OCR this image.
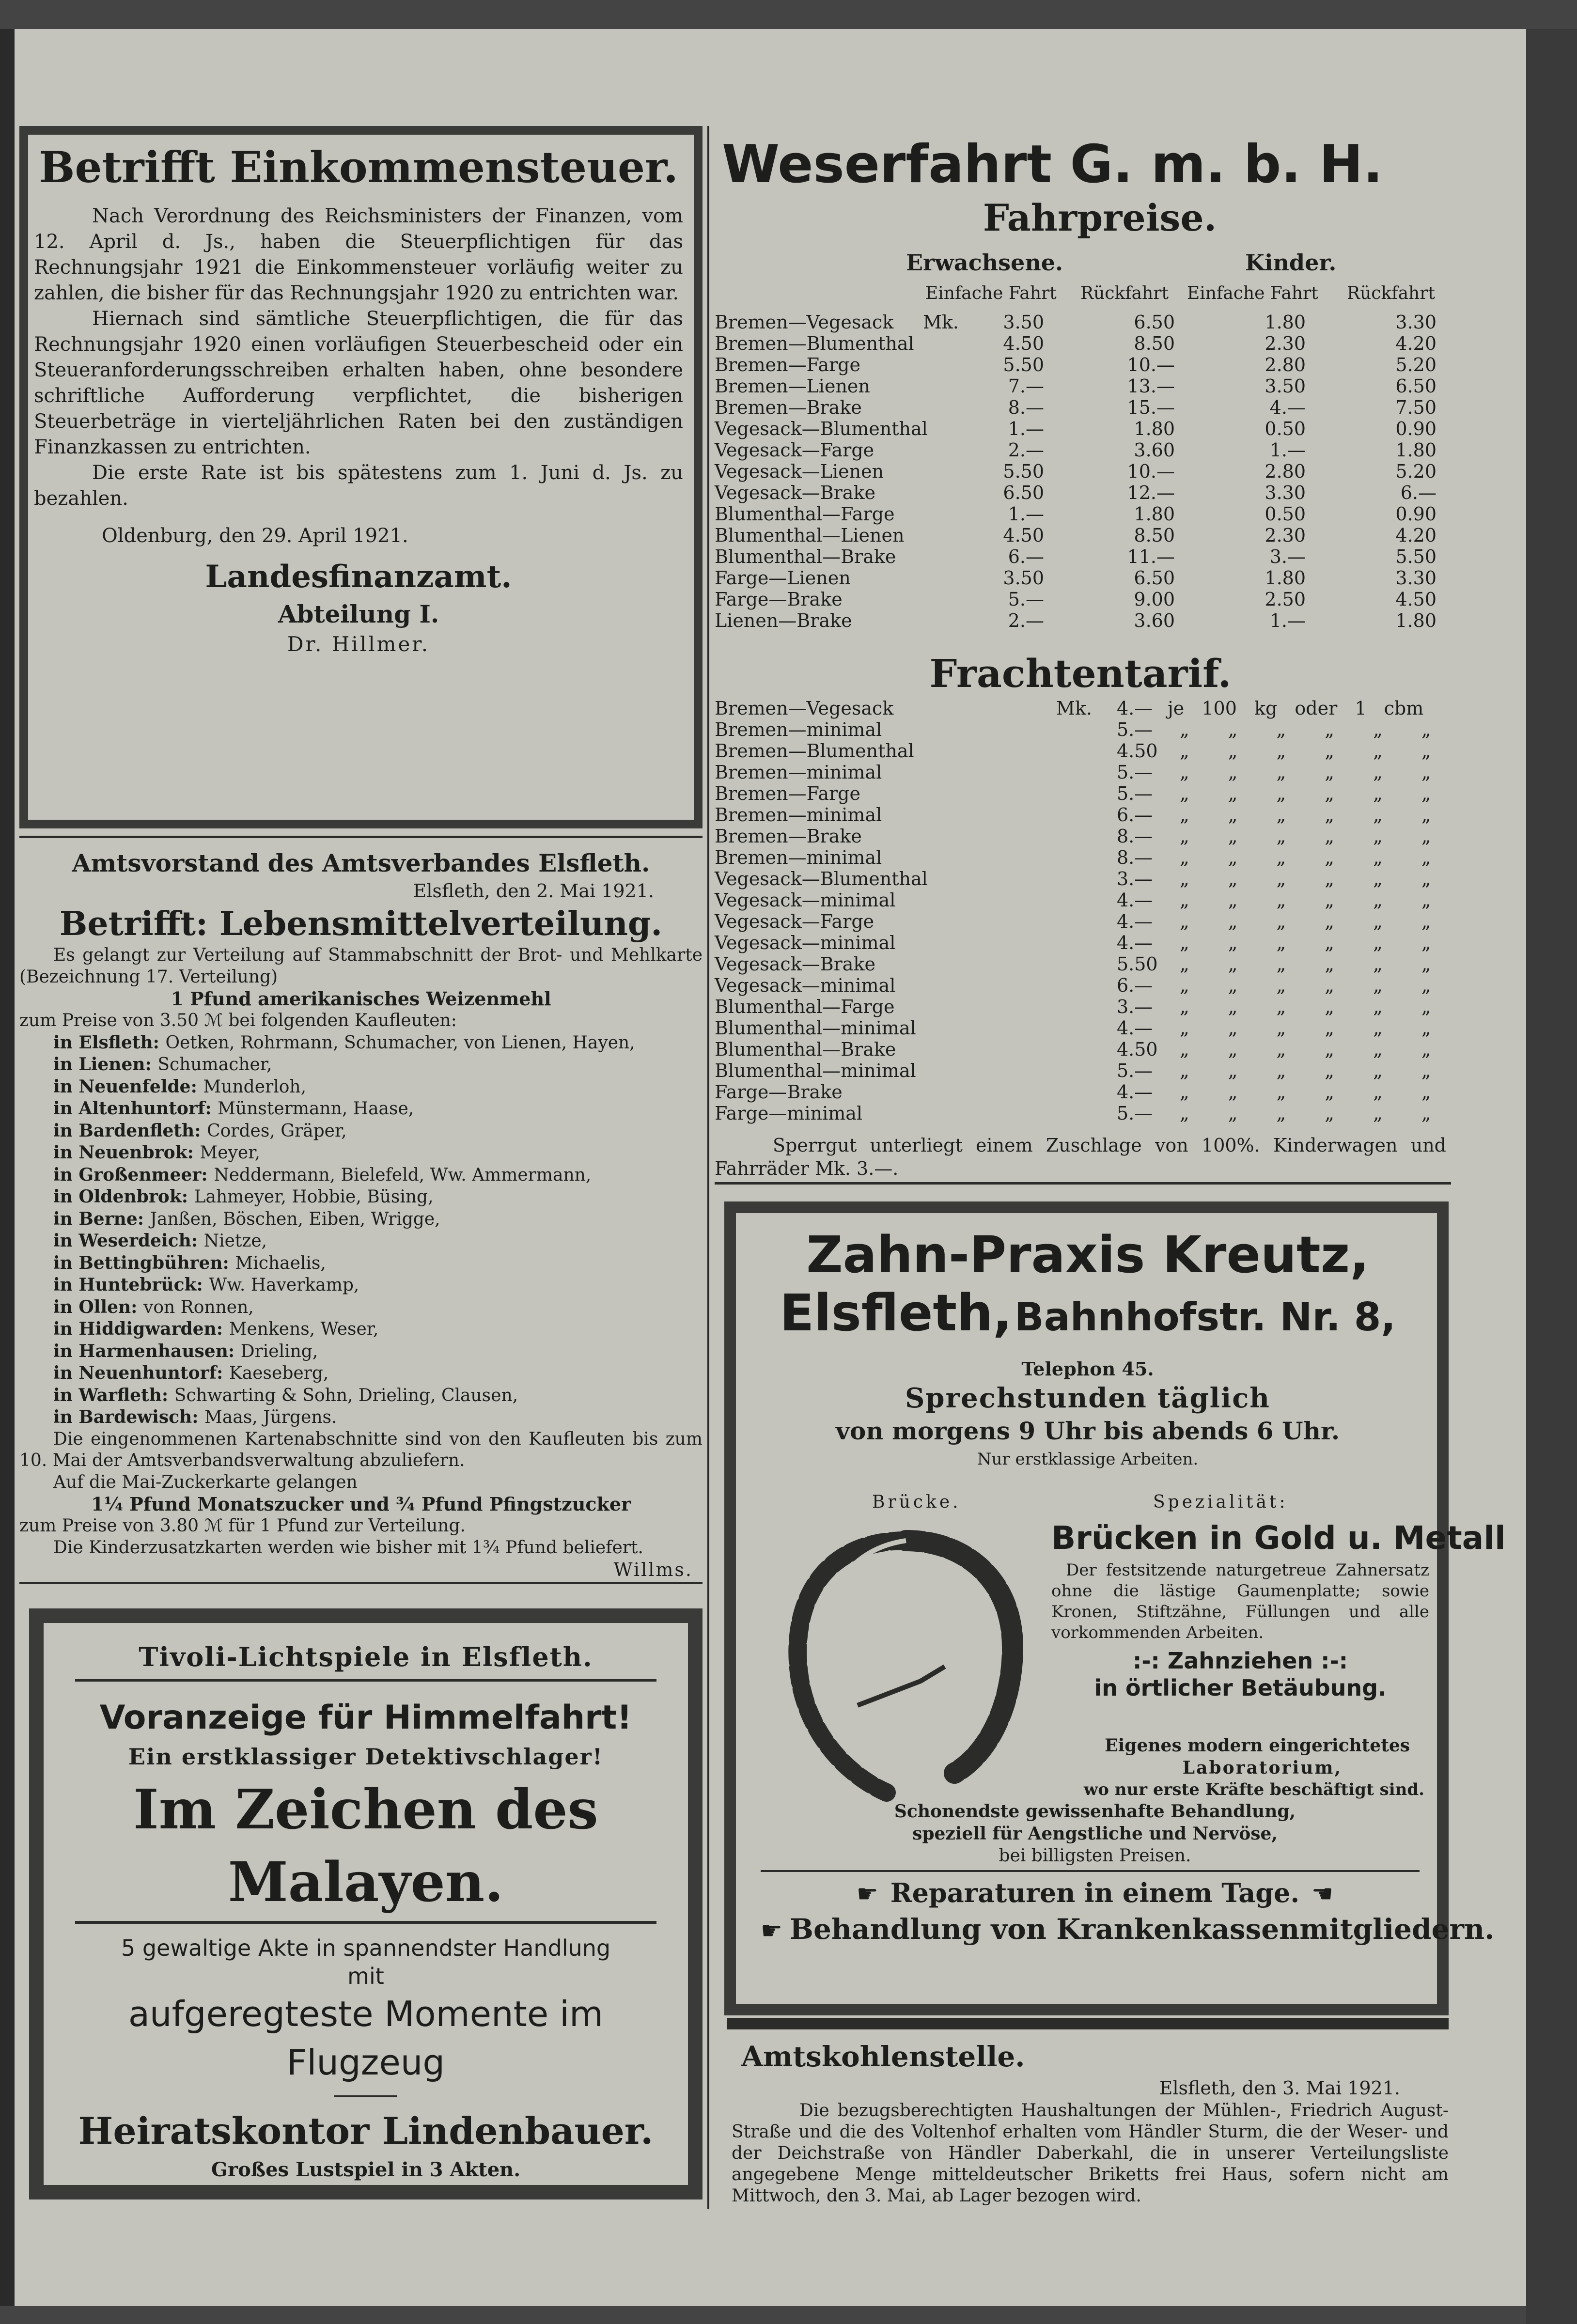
Betrifft Einkommensteuer.
Nach Verordnung des Reichsministers der Finanzen, vom 12. April d. Js., haben die Steuerpflichtigen für das Rechnungsjahr 1921 die Einkommensteuer vorläufig weiter zu zahlen, die bisher für das Rechnungsjahr 1920 zu entrichten war.
Hiernach sind sämtliche Steuerpflichtigen, die für das Rechnungsjahr 1920 einen vorläufigen Steuerbescheid oder ein Steueranforderungsschreiben erhalten haben, ohne besondere schriftliche Aufforderung verpflichtet, die bisherigen Steuerbeträge in vierteljährlichen Raten bei den zuständigen Finanzkassen zu entrichten.
Die erste Rate ist bis spätestens zum 1. Juni d. Js. zu bezahlen.
Oldenburg, den 29. April 1921.
Landesfinanzamt.
Abteilung I.
Dr. Hillmer.
Amtsvorstand des Amtsverbandes Elsfleth.
Elsfleth, den 2. Mai 1921.
Betrifft: Lebensmittelverteilung.
Es gelangt zur Verteilung auf Stammabschnitt der Brot- und Mehlkarte (Bezeichnung 17. Verteilung)
1 Pfund amerikanisches Weizenmehl
zum Preise von 3.50 ℳ bei folgenden Kaufleuten:
in Elsfleth: Oetken, Rohrmann, Schumacher, von Lienen, Hayen,
in Lienen: Schumacher,
in Neuenfelde: Munderloh,
in Altenhuntorf: Münstermann, Haase,
in Bardenfleth: Cordes, Gräper,
in Neuenbrok: Meyer,
in Großenmeer: Neddermann, Bielefeld, Ww. Ammermann,
in Oldenbrok: Lahmeyer, Hobbie, Büsing,
in Berne: Janßen, Böschen, Eiben, Wrigge,
in Weserdeich: Nietze,
in Bettingbühren: Michaelis,
in Huntebrück: Ww. Haverkamp,
in Ollen: von Ronnen,
in Hiddigwarden: Menkens, Weser,
in Harmenhausen: Drieling,
in Neuenhuntorf: Kaeseberg,
in Warfleth: Schwarting & Sohn, Drieling, Clausen,
in Bardewisch: Maas, Jürgens.
Die eingenommenen Kartenabschnitte sind von den Kaufleuten bis zum 10. Mai der Amtsverbandsverwaltung abzuliefern.
Auf die Mai-Zuckerkarte gelangen
1¼ Pfund Monatszucker und ¾ Pfund Pfingstzucker
zum Preise von 3.80 ℳ für 1 Pfund zur Verteilung.
Die Kinderzusatzkarten werden wie bisher mit 1¾ Pfund beliefert.
Willms.
Tivoli-Lichtspiele in Elsfleth.
Voranzeige für Himmelfahrt!
Ein erstklassiger Detektivschlager!
Im Zeichen des Malayen.
5 gewaltige Akte in spannendster Handlung
mit
aufgeregteste Momente im Flugzeug
Heiratskontor Lindenbauer.
Großes Lustspiel in 3 Akten.
Weserfahrt G. m. b. H.
Fahrpreise.
Erwachsene.	Kinder.
Einfache Fahrt Rückfahrt Einfache Fahrt Rückfahrt
Mk.
Bremen—Vegesack	3.50	6.50	1.80	3.30
Bremen—Blumenthal	4.50	8.50	2.30	4.20
Bremen—Farge	5.50	10.—	2.80	5.20
Bremen—Lienen	7.—	13.—	3.50	6.50
Bremen—Brake	8.—	15.—	4.—	7.50
Vegesack—Blumenthal	1.—	1.80	0.50	0.90
Vegesack—Farge	2.—	3.60	1.—	1.80
Vegesack—Lienen	5.50	10.—	2.80	5.20
Vegesack—Brake	6.50	12.—	3.30	6.—
Blumenthal—Farge	1.—	1.80	0.50	0.90
Blumenthal—Lienen	4.50	8.50	2.30	4.20
Blumenthal—Brake	6.—	11.—	3.—	5.50
Farge—Lienen	3.50	6.50	1.80	3.30
Farge—Brake	5.—	9.00	2.50	4.50
Lienen—Brake	2.—	3.60	1.—	1.80
Frachtentarif.
Mk.	je 100 kg oder 1 cbm
Bremen—Vegesack	4.—
Bremen—minimal	5.—	„ „ „ „ „ „
Bremen—Blumenthal	4.50	„ „ „ „ „ „
Bremen—minimal	5.—	„ „ „ „ „ „
Bremen—Farge	5.—	„ „ „ „ „ „
Bremen—minimal	6.—	„ „ „ „ „ „
Bremen—Brake	8.—	„ „ „ „ „ „
Bremen—minimal	8.—	„ „ „ „ „ „
Vegesack—Blumenthal	3.—	„ „ „ „ „ „
Vegesack—minimal	4.—	„ „ „ „ „ „
Vegesack—Farge	4.—	„ „ „ „ „ „
Vegesack—minimal	4.—	„ „ „ „ „ „
Vegesack—Brake	5.50	„ „ „ „ „ „
Vegesack—minimal	6.—	„ „ „ „ „ „
Blumenthal—Farge	3.—	„ „ „ „ „ „
Blumenthal—minimal	4.—	„ „ „ „ „ „
Blumenthal—Brake	4.50	„ „ „ „ „ „
Blumenthal—minimal	5.—	„ „ „ „ „ „
Farge—Brake	4.—	„ „ „ „ „ „
Farge—minimal	5.—	„ „ „ „ „ „
Sperrgut unterliegt einem Zuschlage von 100%. Kinderwagen und Fahrräder Mk. 3.—.
Zahn-Praxis Kreutz,
Elsfleth, Bahnhofstr. Nr. 8,
Telephon 45.
Sprechstunden täglich
von morgens 9 Uhr bis abends 6 Uhr.
Nur erstklassige Arbeiten.
Brücke.	Spezialität:
Brücken in Gold u. Metall
Der festsitzende naturgetreue Zahnersatz ohne die lästige Gaumenplatte; sowie Kronen, Stiftzähne, Füllungen und alle vorkommenden Arbeiten.
:-: Zahnziehen :-:
in örtlicher Betäubung.
Eigenes modern eingerichtetes
Laboratorium,
wo nur erste Kräfte beschäftigt sind.
Schonendste gewissenhafte Behandlung,
speziell für Aengstliche und Nervöse,
bei billigsten Preisen.
☛ Reparaturen in einem Tage. ☛
☛ Behandlung von Krankenkassenmitgliedern.
Amtskohlenstelle.
Elsfleth, den 3. Mai 1921.
Die bezugsberechtigten Haushaltungen der Mühlen-, Friedrich August-Straße und die des Voltenhof erhalten vom Händler Sturm, die der Weser- und der Deichstraße von Händler Daberkahl, die in unserer Verteilungsliste angegebene Menge mitteldeutscher Briketts frei Haus, sofern nicht am Mittwoch, den 3. Mai, ab Lager bezogen wird.
